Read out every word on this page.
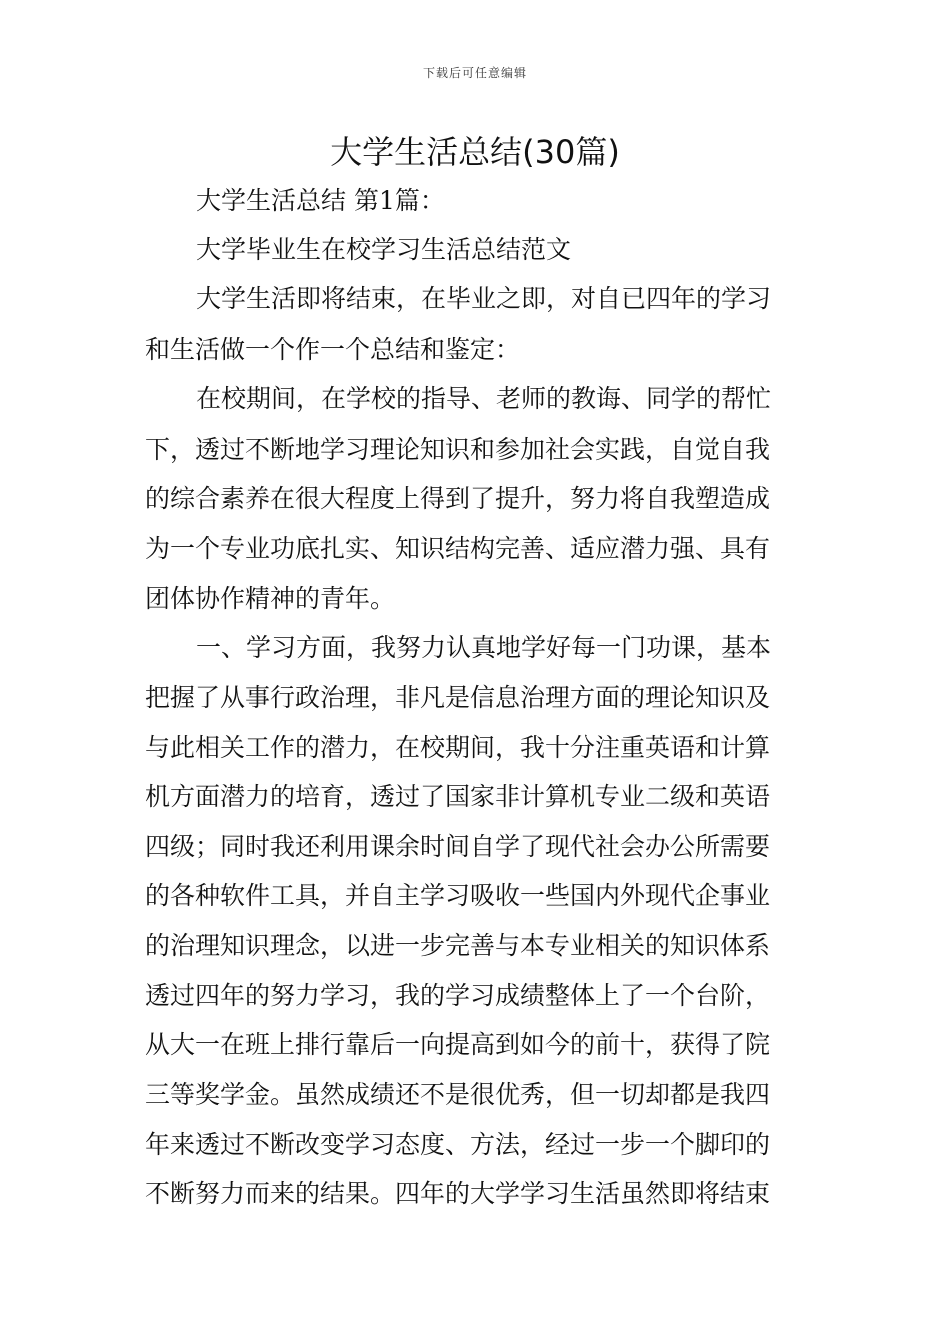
下载后可任意编辑
大学生活总结(30篇)
大学生活总结 第1篇：
大学毕业生在校学习生活总结范文
大学生活即将结束，在毕业之即，对自已四年的学习
和生活做一个作一个总结和鉴定：
在校期间，在学校的指导、老师的教诲、同学的帮忙
下，透过不断地学习理论知识和参加社会实践，自觉自我
的综合素养在很大程度上得到了提升，努力将自我塑造成
为一个专业功底扎实、知识结构完善、适应潜力强、具有
团体协作精神的青年。
一、学习方面，我努力认真地学好每一门功课，基本
把握了从事行政治理，非凡是信息治理方面的理论知识及
与此相关工作的潜力，在校期间，我十分注重英语和计算
机方面潜力的培育，透过了国家非计算机专业二级和英语
四级；同时我还利用课余时间自学了现代社会办公所需要
的各种软件工具，并自主学习吸收一些国内外现代企事业
的治理知识理念，以进一步完善与本专业相关的知识体系
透过四年的努力学习，我的学习成绩整体上了一个台阶，
从大一在班上排行靠后一向提高到如今的前十，获得了院
三等奖学金。虽然成绩还不是很优秀，但一切却都是我四
年来透过不断改变学习态度、方法，经过一步一个脚印的
不断努力而来的结果。四年的大学学习生活虽然即将结束
